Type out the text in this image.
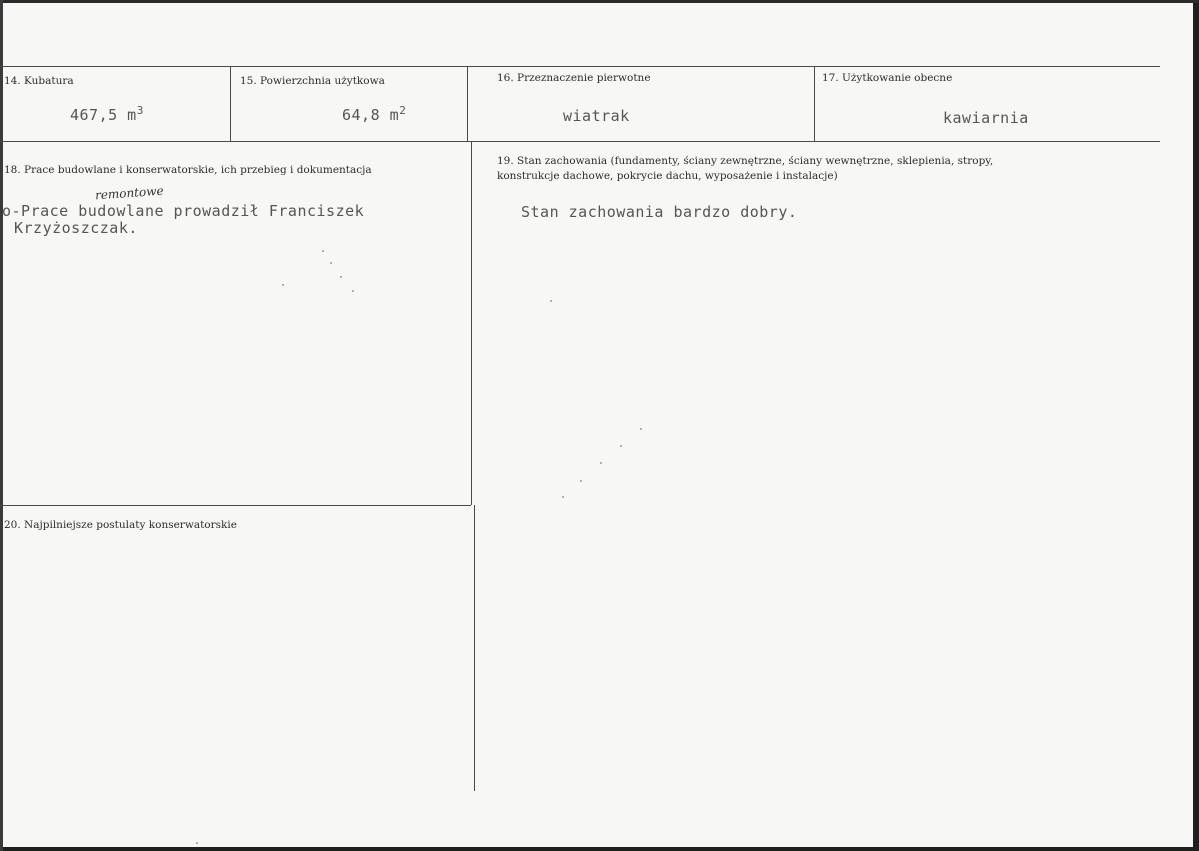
14. Kubatura
467,5 $m^3$
15. Powierzchnia użytkowa
64,8 $m^2$
16. Przeznaczenie pierwotne
wiatrak
17. Użytkowanie obecne
kawiarnia
18. Prace budowlane i konserwatorskie, ich przebieg i dokumentacja
remontowe
o-Prace budowlane prowadził Franciszek
Krzyżoszczak.
19. Stan zachowania (fundamenty, ściany zewnętrzne, ściany wewnętrzne, sklepienia, stropy,
konstrukcje dachowe, pokrycie dachu, wyposażenie i instalacje)
Stan zachowania bardzo dobry.
20. Najpilniejsze postulaty konserwatorskie
